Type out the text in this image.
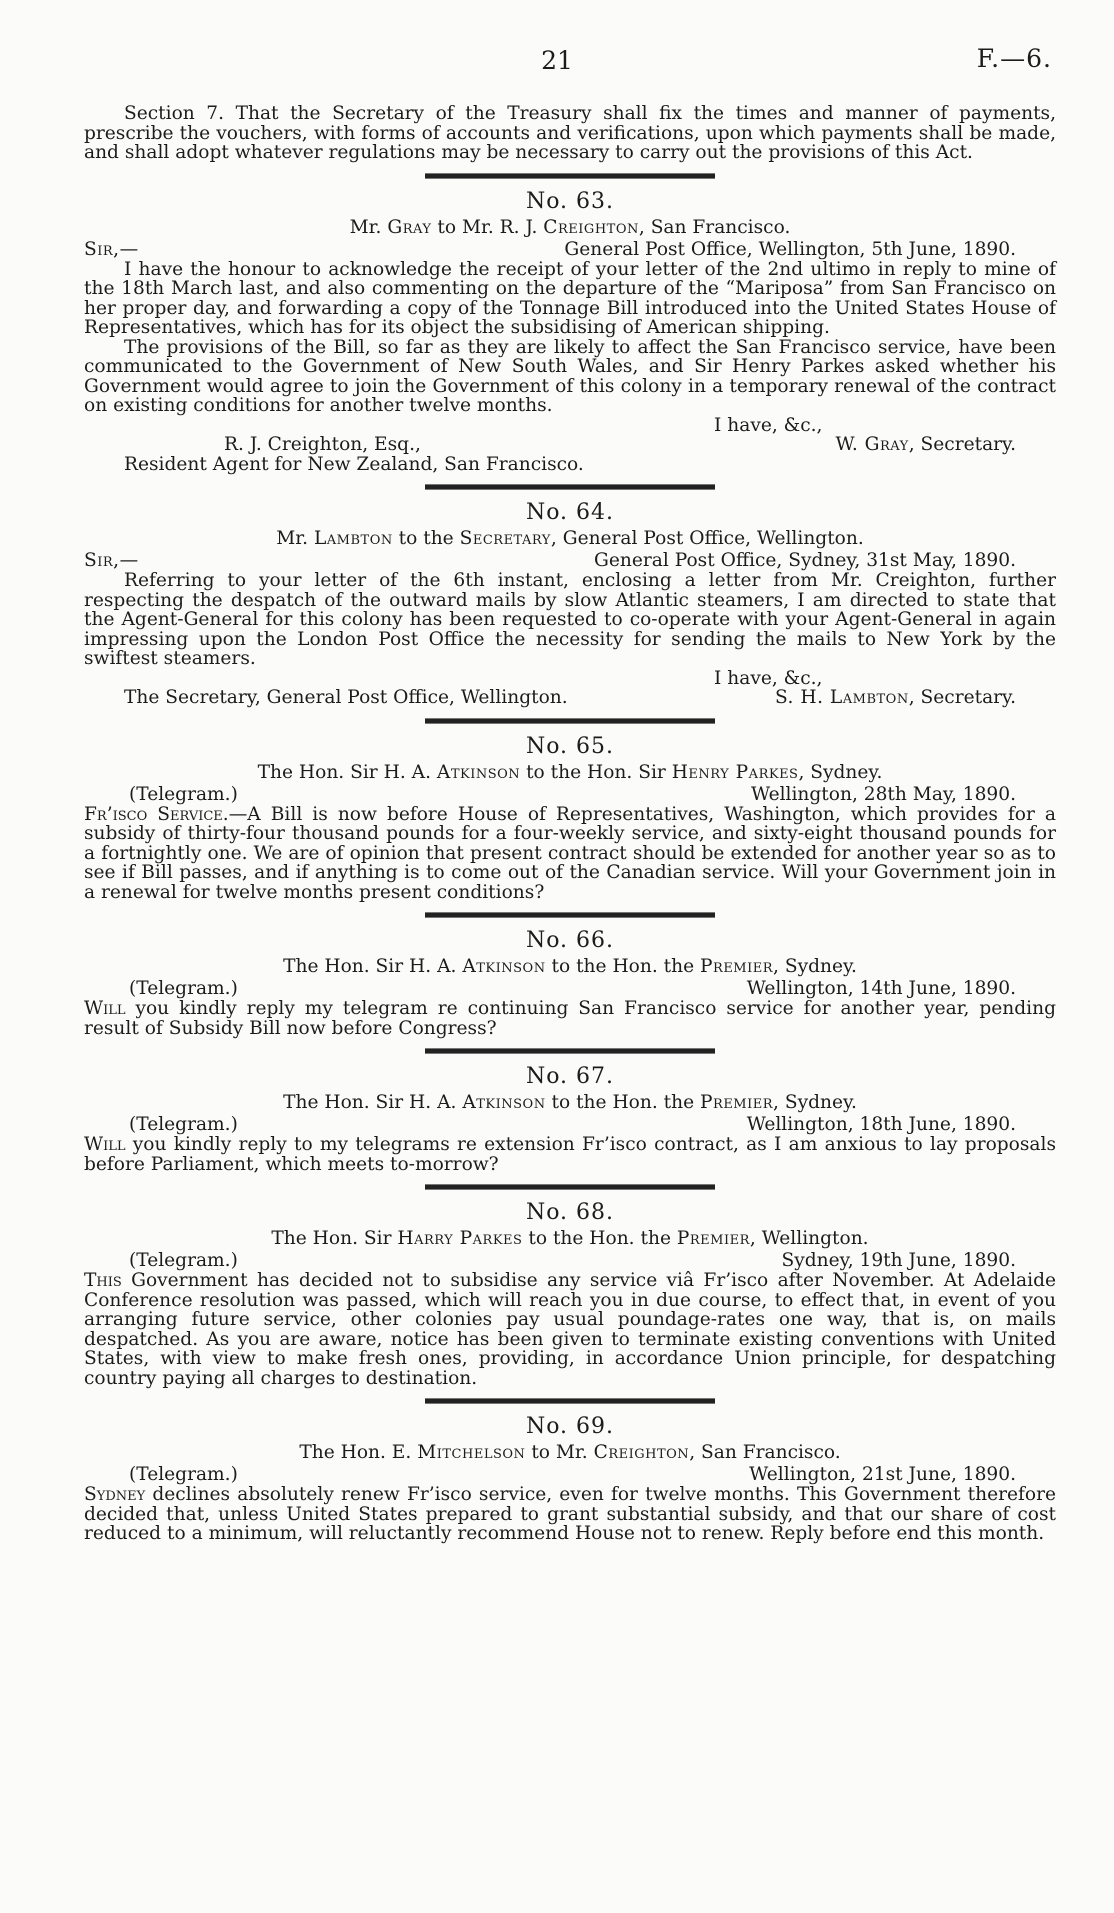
21	F.—6.

Section 7. That the Secretary of the Treasury shall fix the times and manner of payments, prescribe the vouchers, with forms of accounts and verifications, upon which payments shall be made, and shall adopt whatever regulations may be necessary to carry out the provisions of this Act.

No. 63.
Mr. Gray to Mr. R. J. Creighton, San Francisco.
Sir,—	General Post Office, Wellington, 5th June, 1890.

I have the honour to acknowledge the receipt of your letter of the 2nd ultimo in reply to mine of the 18th March last, and also commenting on the departure of the “Mariposa” from San Francisco on her proper day, and forwarding a copy of the Tonnage Bill introduced into the United States House of Representatives, which has for its object the subsidising of American shipping.

The provisions of the Bill, so far as they are likely to affect the San Francisco service, have been communicated to the Government of New South Wales, and Sir Henry Parkes asked whether his Government would agree to join the Government of this colony in a temporary renewal of the contract on existing conditions for another twelve months.

I have, &c.,
R. J. Creighton, Esq.,	W. Gray, Secretary.
Resident Agent for New Zealand, San Francisco.
No. 64.
Mr. Lambton to the Secretary, General Post Office, Wellington.
Sir,—	General Post Office, Sydney, 31st May, 1890.

Referring to your letter of the 6th instant, enclosing a letter from Mr. Creighton, further respecting the despatch of the outward mails by slow Atlantic steamers, I am directed to state that the Agent-General for this colony has been requested to co-operate with your Agent-General in again impressing upon the London Post Office the necessity for sending the mails to New York by the swiftest steamers.

I have, &c.,
The Secretary, General Post Office, Wellington.	S. H. Lambton, Secretary.
No. 65.
The Hon. Sir H. A. Atkinson to the Hon. Sir Henry Parkes, Sydney.
(Telegram.)	Wellington, 28th May, 1890.

Fr’isco Service.—A Bill is now before House of Representatives, Washington, which provides for a subsidy of thirty-four thousand pounds for a four-weekly service, and sixty-eight thousand pounds for a fortnightly one. We are of opinion that present contract should be extended for another year so as to see if Bill passes, and if anything is to come out of the Canadian service. Will your Government join in a renewal for twelve months present conditions?

No. 66.
The Hon. Sir H. A. Atkinson to the Hon. the Premier, Sydney.
(Telegram.)	Wellington, 14th June, 1890.

Will you kindly reply my telegram re continuing San Francisco service for another year, pending result of Subsidy Bill now before Congress?

No. 67.
The Hon. Sir H. A. Atkinson to the Hon. the Premier, Sydney.
(Telegram.)	Wellington, 18th June, 1890.

Will you kindly reply to my telegrams re extension Fr’isco contract, as I am anxious to lay proposals before Parliament, which meets to-morrow?

No. 68.
The Hon. Sir Harry Parkes to the Hon. the Premier, Wellington.
(Telegram.)	Sydney, 19th June, 1890.

This Government has decided not to subsidise any service viâ Fr’isco after November. At Adelaide Conference resolution was passed, which will reach you in due course, to effect that, in event of you arranging future service, other colonies pay usual poundage-rates one way, that is, on mails despatched. As you are aware, notice has been given to terminate existing conventions with United States, with view to make fresh ones, providing, in accordance Union principle, for despatching country paying all charges to destination.

No. 69.
The Hon. E. Mitchelson to Mr. Creighton, San Francisco.
(Telegram.)	Wellington, 21st June, 1890.

Sydney declines absolutely renew Fr’isco service, even for twelve months. This Government therefore decided that, unless United States prepared to grant substantial subsidy, and that our share of cost reduced to a minimum, will reluctantly recommend House not to renew. Reply before end this month.
